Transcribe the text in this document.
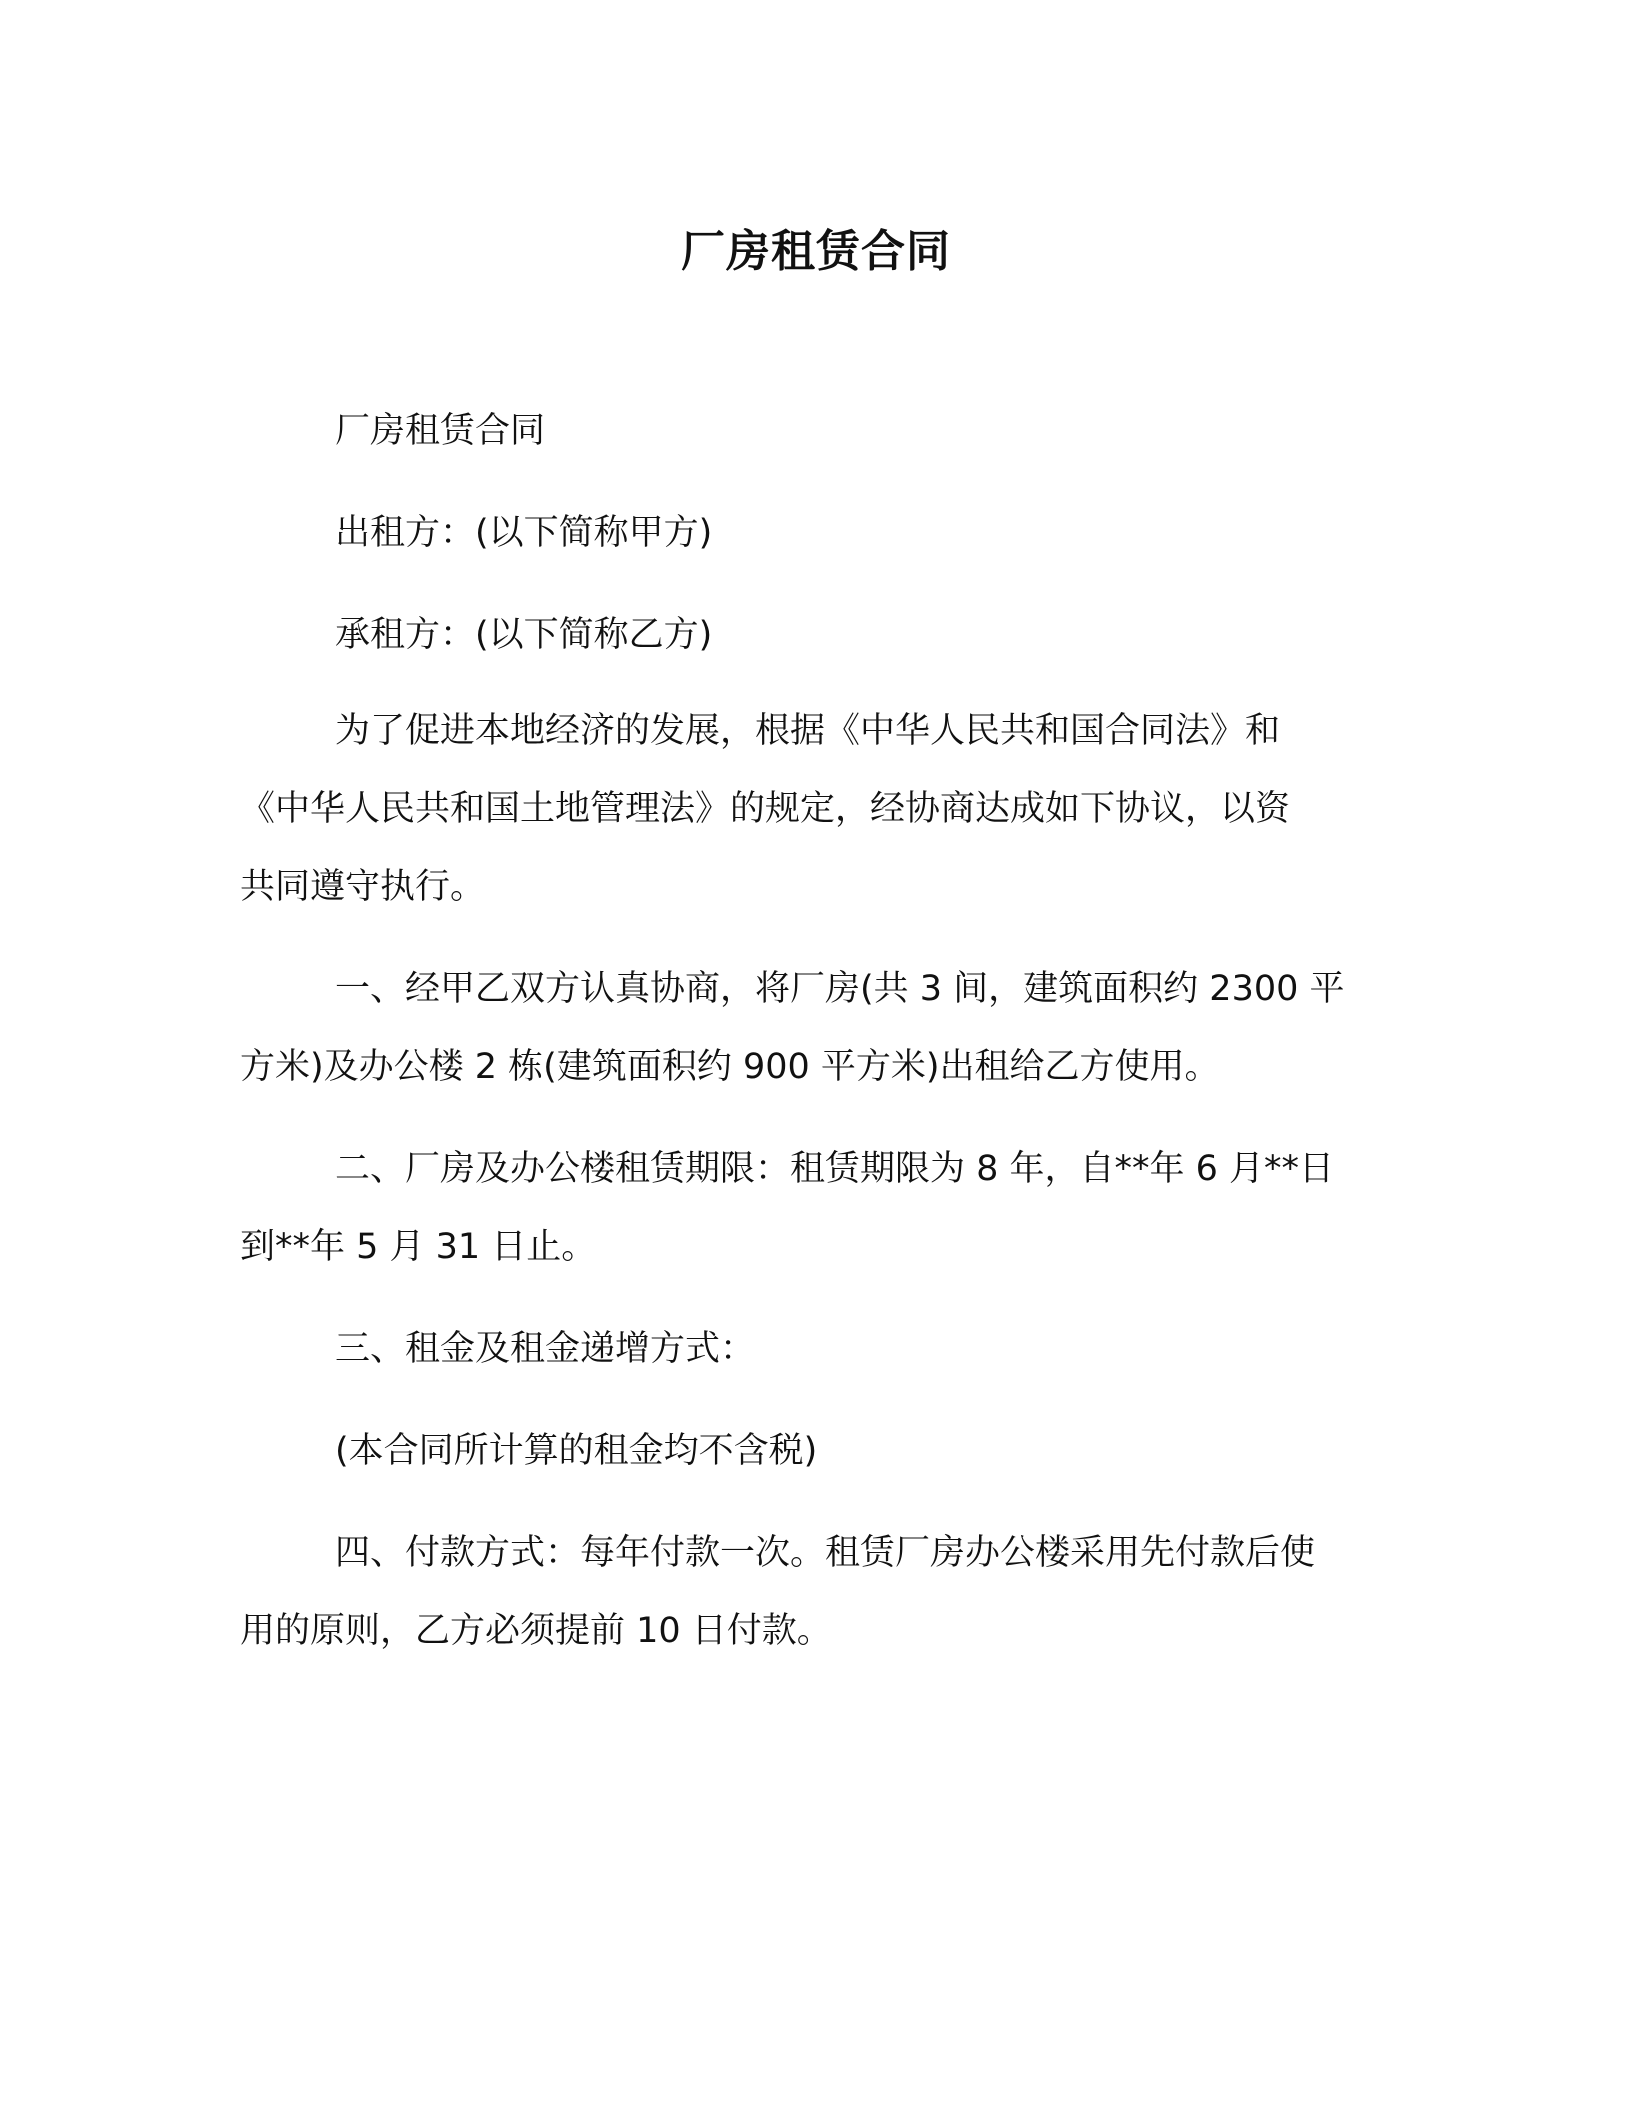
厂房租赁合同

厂房租赁合同

出租方：(以下简称甲方)

承租方：(以下简称乙方)

为了促进本地经济的发展，根据《中华人民共和国合同法》和
《中华人民共和国土地管理法》的规定，经协商达成如下协议，以资
共同遵守执行。

一、经甲乙双方认真协商，将厂房(共 3 间，建筑面积约 2300 平
方米)及办公楼 2 栋(建筑面积约 900 平方米)出租给乙方使用。

二、厂房及办公楼租赁期限：租赁期限为 8 年，自**年 6 月**日
到**年 5 月 31 日止。

三、租金及租金递增方式：

(本合同所计算的租金均不含税)

四、付款方式：每年付款一次。租赁厂房办公楼采用先付款后使
用的原则，乙方必须提前 10 日付款。
